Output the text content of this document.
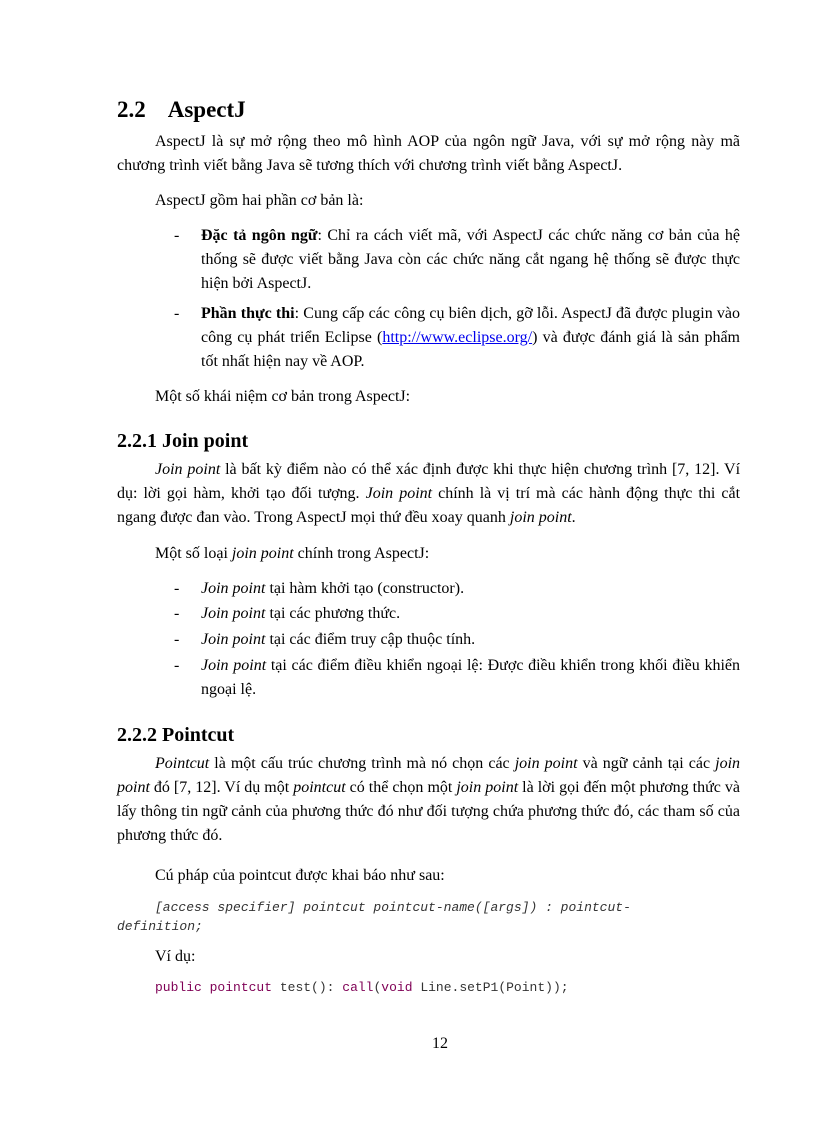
2.2 AspectJ

AspectJ là sự mở rộng theo mô hình AOP của ngôn ngữ Java, với sự mở rộng này mã chương trình viết bằng Java sẽ tương thích với chương trình viết bằng AspectJ.

AspectJ gồm hai phần cơ bản là:

- Đặc tả ngôn ngữ: Chỉ ra cách viết mã, với AspectJ các chức năng cơ bản của hệ thống sẽ được viết bằng Java còn các chức năng cắt ngang hệ thống sẽ được thực hiện bởi AspectJ.
- Phần thực thi: Cung cấp các công cụ biên dịch, gỡ lỗi. AspectJ đã được plugin vào công cụ phát triển Eclipse (http://www.eclipse.org/) và được đánh giá là sản phẩm tốt nhất hiện nay về AOP.

Một số khái niệm cơ bản trong AspectJ:

2.2.1 Join point

Join point là bất kỳ điểm nào có thể xác định được khi thực hiện chương trình [7, 12]. Ví dụ: lời gọi hàm, khởi tạo đối tượng. Join point chính là vị trí mà các hành động thực thi cắt ngang được đan vào. Trong AspectJ mọi thứ đều xoay quanh join point.

Một số loại join point chính trong AspectJ:

- Join point tại hàm khởi tạo (constructor).
- Join point tại các phương thức.
- Join point tại các điểm truy cập thuộc tính.
- Join point tại các điểm điều khiển ngoại lệ: Được điều khiển trong khối điều khiển ngoại lệ.
2.2.2 Pointcut

Pointcut là một cấu trúc chương trình mà nó chọn các join point và ngữ cảnh tại các join point đó [7, 12]. Ví dụ một pointcut có thể chọn một join point là lời gọi đến một phương thức và lấy thông tin ngữ cảnh của phương thức đó như đối tượng chứa phương thức đó, các tham số của phương thức đó.

Cú pháp của pointcut được khai báo như sau:

[access specifier] pointcut pointcut-name([args]) : pointcut-
definition;

Ví dụ:

public pointcut test(): call(void Line.setP1(Point));
12
